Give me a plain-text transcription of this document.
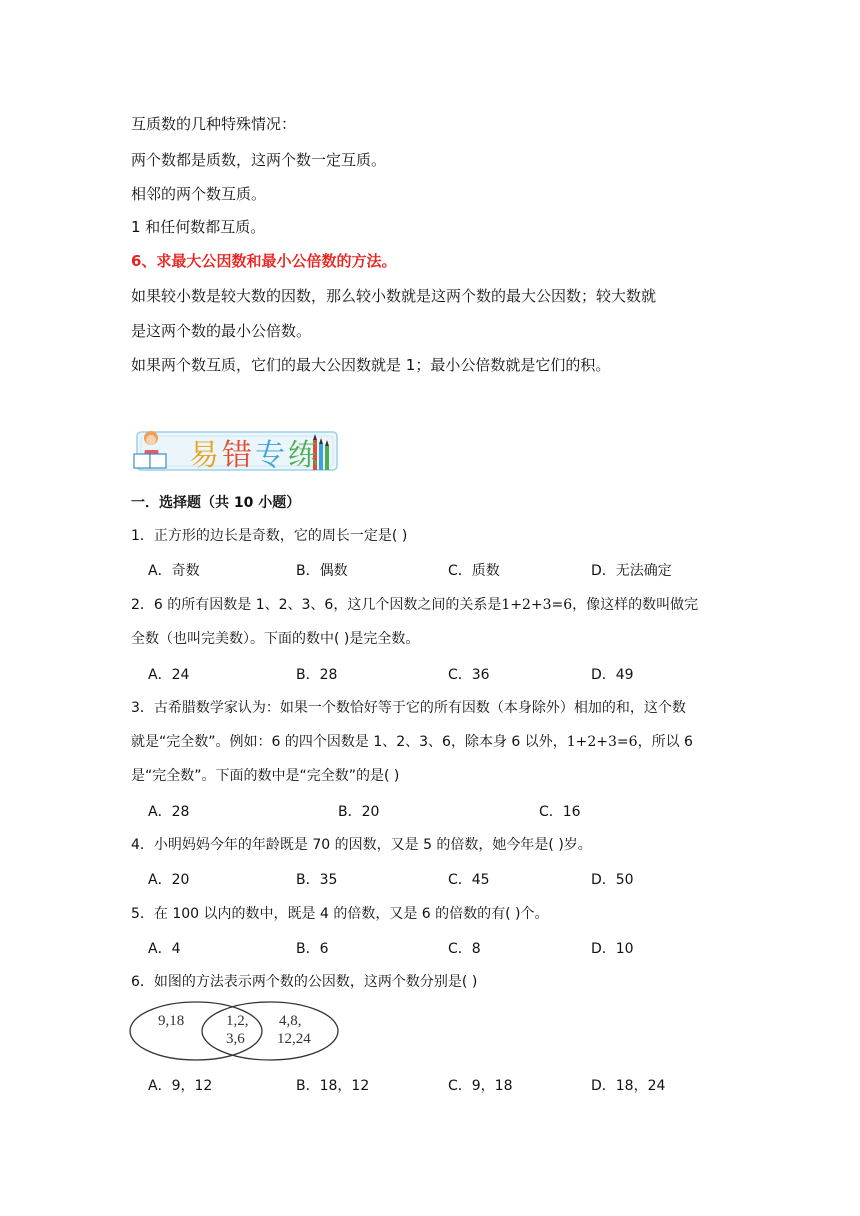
互质数的几种特殊情况：
两个数都是质数，这两个数一定互质。
相邻的两个数互质。
1 和任何数都互质。
6、求最大公因数和最小公倍数的方法。
如果较小数是较大数的因数，那么较小数就是这两个数的最大公因数；较大数就
是这两个数的最小公倍数。
如果两个数互质，它们的最大公因数就是 1；最小公倍数就是它们的积。
易错专练
一．选择题（共 10 小题）
1．正方形的边长是奇数，它的周长一定是( )
A．奇数	B．偶数	C．质数	D．无法确定
2．6 的所有因数是 1、2、3、6，这几个因数之间的关系是1+2+3=6，像这样的数叫做完
全数（也叫完美数）。下面的数中( )是完全数。
A．24	B．28	C．36	D．49
3．古希腊数学家认为：如果一个数恰好等于它的所有因数（本身除外）相加的和，这个数
就是“完全数”。例如：6 的四个因数是 1、2、3、6，除本身 6 以外，1+2+3=6，所以 6
是“完全数”。下面的数中是“完全数”的是( )
A．28	B．20	C．16
4．小明妈妈今年的年龄既是 70 的因数，又是 5 的倍数，她今年是( )岁。
A．20	B．35	C．45	D．50
5．在 100 以内的数中，既是 4 的倍数，又是 6 的倍数的有( )个。
A．4	B．6	C．8	D．10
6．如图的方法表示两个数的公因数，这两个数分别是( )
9,18	1,2,
3,6
4,8,
12,24
A．9，12	B．18，12	C．9，18	D．18，24
